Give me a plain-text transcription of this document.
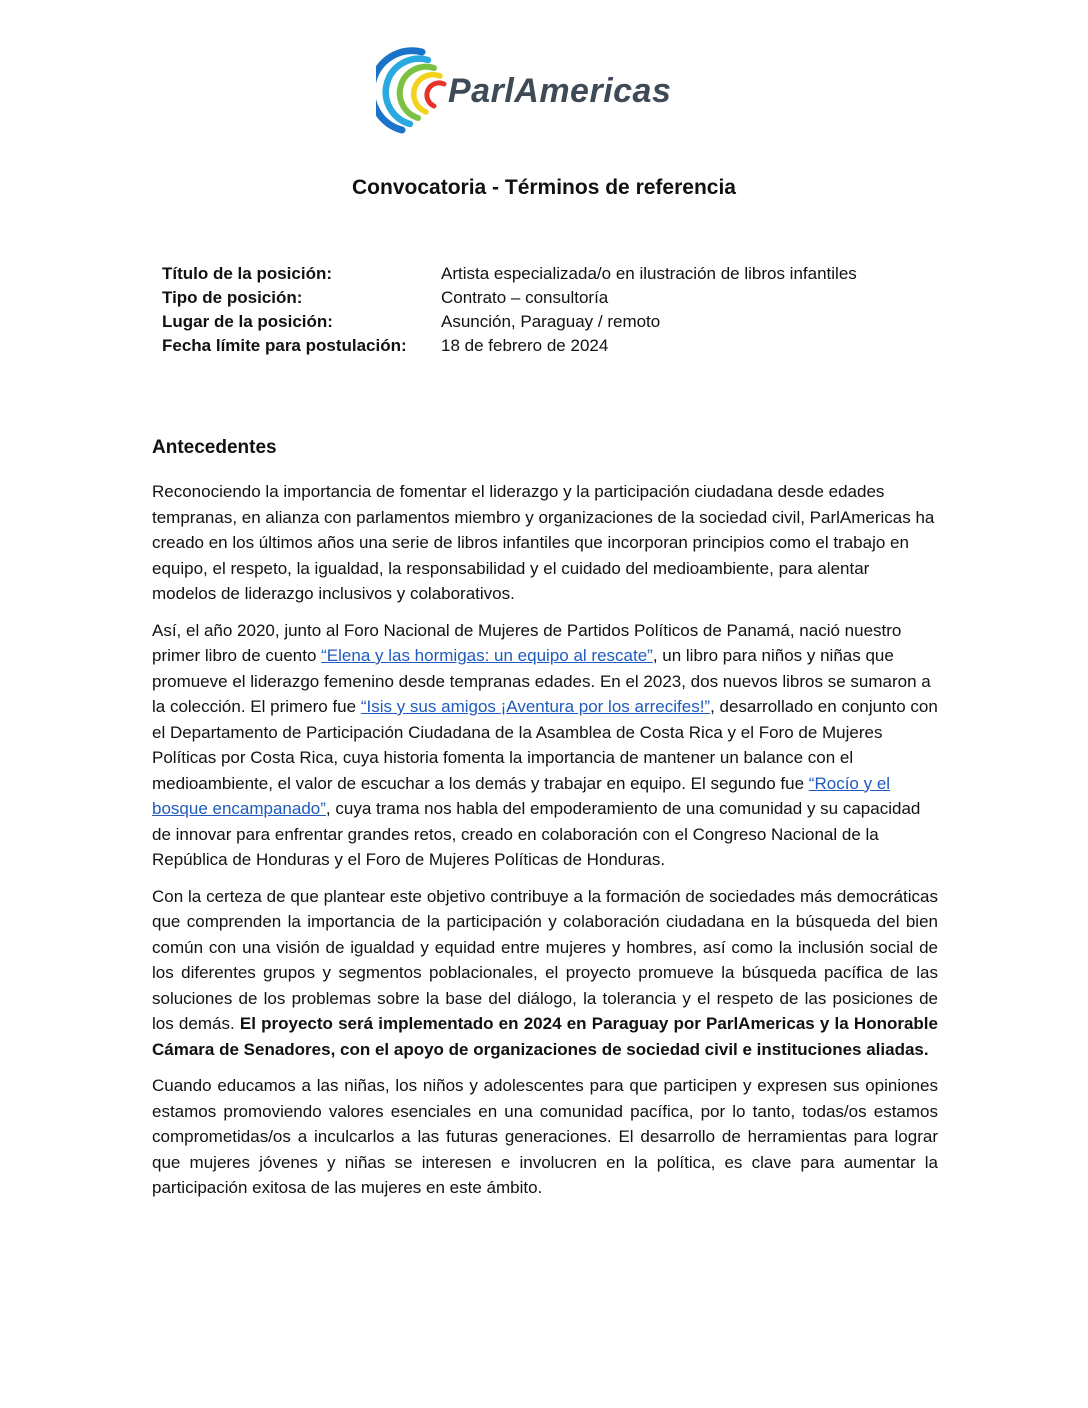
ParlAmericas
Convocatoria - Términos de referencia
Título de la posición:	Artista especializada/o en ilustración de libros infantiles
Tipo de posición:	Contrato – consultoría
Lugar de la posición:	Asunción, Paraguay / remoto
Fecha límite para postulación:	18 de febrero de 2024
Antecedentes

Reconociendo la importancia de fomentar el liderazgo y la participación ciudadana desde edades tempranas, en alianza con parlamentos miembro y organizaciones de la sociedad civil, ParlAmericas ha creado en los últimos años una serie de libros infantiles que incorporan principios como el trabajo en equipo, el respeto, la igualdad, la responsabilidad y el cuidado del medioambiente, para alentar modelos de liderazgo inclusivos y colaborativos.

Así, el año 2020, junto al Foro Nacional de Mujeres de Partidos Políticos de Panamá, nació nuestro primer libro de cuento “Elena y las hormigas: un equipo al rescate”, un libro para niños y niñas que promueve el liderazgo femenino desde tempranas edades. En el 2023, dos nuevos libros se sumaron a la colección. El primero fue “Isis y sus amigos ¡Aventura por los arrecifes!”, desarrollado en conjunto con el Departamento de Participación Ciudadana de la Asamblea de Costa Rica y el Foro de Mujeres Políticas por Costa Rica, cuya historia fomenta la importancia de mantener un balance con el medioambiente, el valor de escuchar a los demás y trabajar en equipo. El segundo fue “Rocío y el bosque encampanado”, cuya trama nos habla del empoderamiento de una comunidad y su capacidad de innovar para enfrentar grandes retos, creado en colaboración con el Congreso Nacional de la República de Honduras y el Foro de Mujeres Políticas de Honduras.

Con la certeza de que plantear este objetivo contribuye a la formación de sociedades más democráticas que comprenden la importancia de la participación y colaboración ciudadana en la búsqueda del bien común con una visión de igualdad y equidad entre mujeres y hombres, así como la inclusión social de los diferentes grupos y segmentos poblacionales, el proyecto promueve la búsqueda pacífica de las soluciones de los problemas sobre la base del diálogo, la tolerancia y el respeto de las posiciones de los demás. El proyecto será implementado en 2024 en Paraguay por ParlAmericas y la Honorable Cámara de Senadores, con el apoyo de organizaciones de sociedad civil e instituciones aliadas.

Cuando educamos a las niñas, los niños y adolescentes para que participen y expresen sus opiniones estamos promoviendo valores esenciales en una comunidad pacífica, por lo tanto, todas/os estamos comprometidas/os a inculcarlos a las futuras generaciones. El desarrollo de herramientas para lograr que mujeres jóvenes y niñas se interesen e involucren en la política, es clave para aumentar la participación exitosa de las mujeres en este ámbito.
